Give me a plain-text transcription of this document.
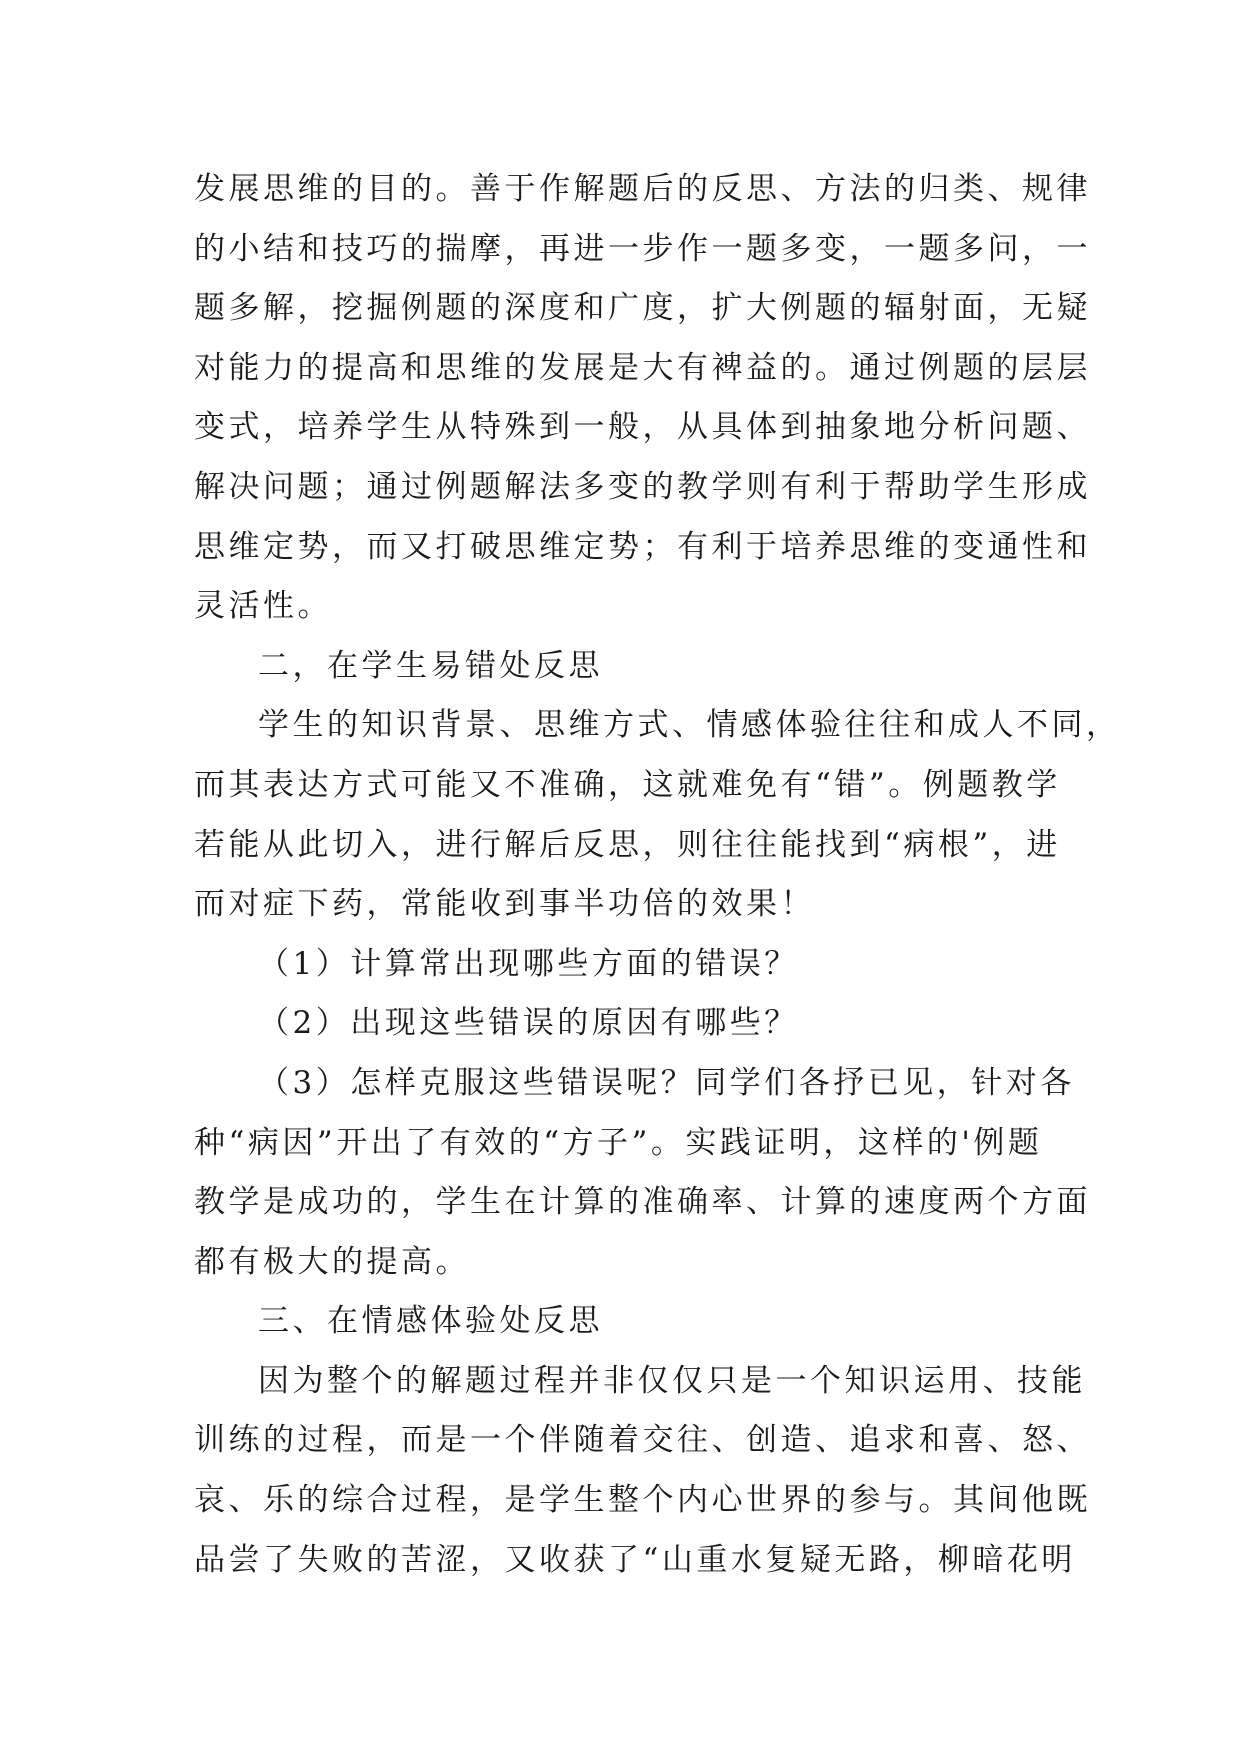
发展思维的目的。善于作解题后的反思、方法的归类、规律
的小结和技巧的揣摩，再进一步作一题多变，一题多问，一
题多解，挖掘例题的深度和广度，扩大例题的辐射面，无疑
对能力的提高和思维的发展是大有裨益的。通过例题的层层
变式，培养学生从特殊到一般，从具体到抽象地分析问题、
解决问题；通过例题解法多变的教学则有利于帮助学生形成
思维定势，而又打破思维定势；有利于培养思维的变通性和
灵活性。
二，在学生易错处反思
学生的知识背景、思维方式、情感体验往往和成人不同，
而其表达方式可能又不准确，这就难免有“错”。例题教学
若能从此切入，进行解后反思，则往往能找到“病根”，进
而对症下药，常能收到事半功倍的效果！
（1）计算常出现哪些方面的错误？
（2）出现这些错误的原因有哪些？
（3）怎样克服这些错误呢？同学们各抒已见，针对各
种“病因”开出了有效的“方子”。实践证明，这样的'例题
教学是成功的，学生在计算的准确率、计算的速度两个方面
都有极大的提高。
三、在情感体验处反思
因为整个的解题过程并非仅仅只是一个知识运用、技能
训练的过程，而是一个伴随着交往、创造、追求和喜、怒、
哀、乐的综合过程，是学生整个内心世界的参与。其间他既
品尝了失败的苦涩，又收获了“山重水复疑无路，柳暗花明
